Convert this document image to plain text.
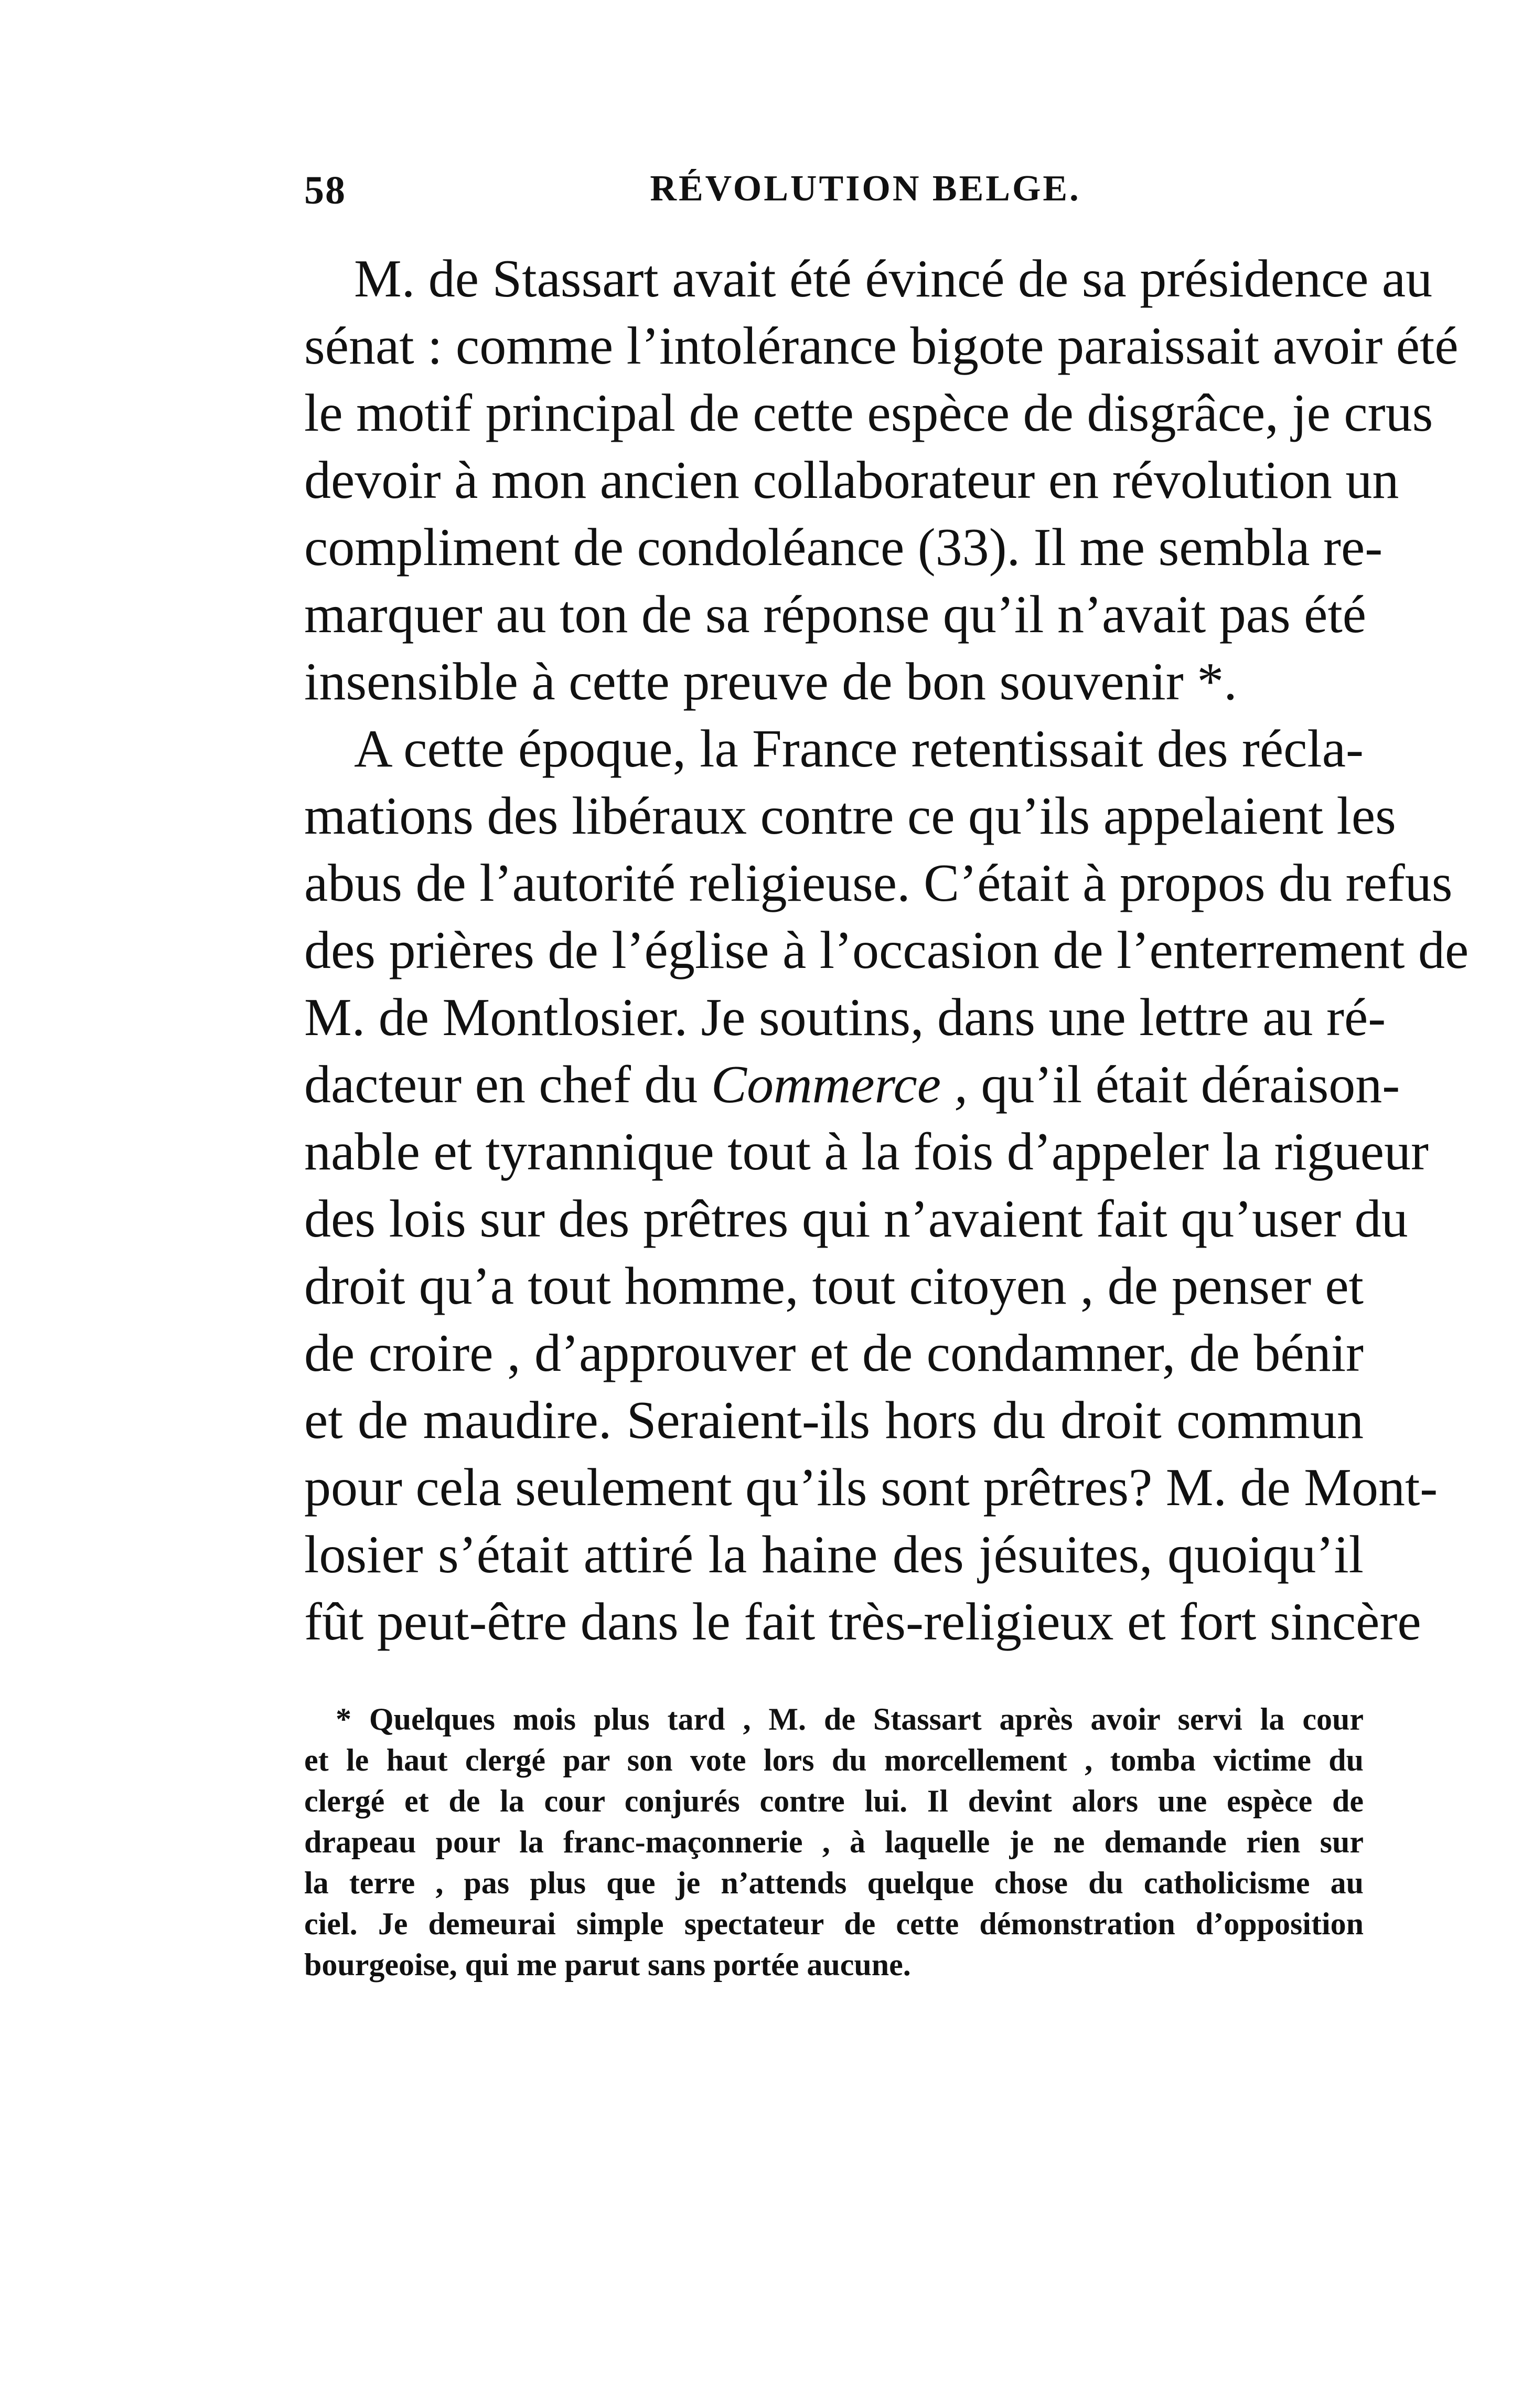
58	RÉVOLUTION BELGE.
M. de Stassart avait été évincé de sa présidence au
sénat : comme l’intolérance bigote paraissait avoir été
le motif principal de cette espèce de disgrâce, je crus
devoir à mon ancien collaborateur en révolution un
compliment de condoléance (33). Il me sembla re-
marquer au ton de sa réponse qu’il n’avait pas été
insensible à cette preuve de bon souvenir *.
A cette époque, la France retentissait des récla-
mations des libéraux contre ce qu’ils appelaient les
abus de l’autorité religieuse. C’était à propos du refus
des prières de l’église à l’occasion de l’enterrement de
M. de Montlosier. Je soutins, dans une lettre au ré-
dacteur en chef du Commerce , qu’il était déraison-
nable et tyrannique tout à la fois d’appeler la rigueur
des lois sur des prêtres qui n’avaient fait qu’user du
droit qu’a tout homme, tout citoyen , de penser et
de croire , d’approuver et de condamner, de bénir
et de maudire. Seraient-ils hors du droit commun
pour cela seulement qu’ils sont prêtres? M. de Mont-
losier s’était attiré la haine des jésuites, quoiqu’il
fût peut-être dans le fait très-religieux et fort sincère
* Quelques mois plus tard , M. de Stassart après avoir servi la cour
et le haut clergé par son vote lors du morcellement , tomba victime du
clergé et de la cour conjurés contre lui. Il devint alors une espèce de
drapeau pour la franc-maçonnerie , à laquelle je ne demande rien sur
la terre , pas plus que je n’attends quelque chose du catholicisme au
ciel. Je demeurai simple spectateur de cette démonstration d’opposition
bourgeoise, qui me parut sans portée aucune.
